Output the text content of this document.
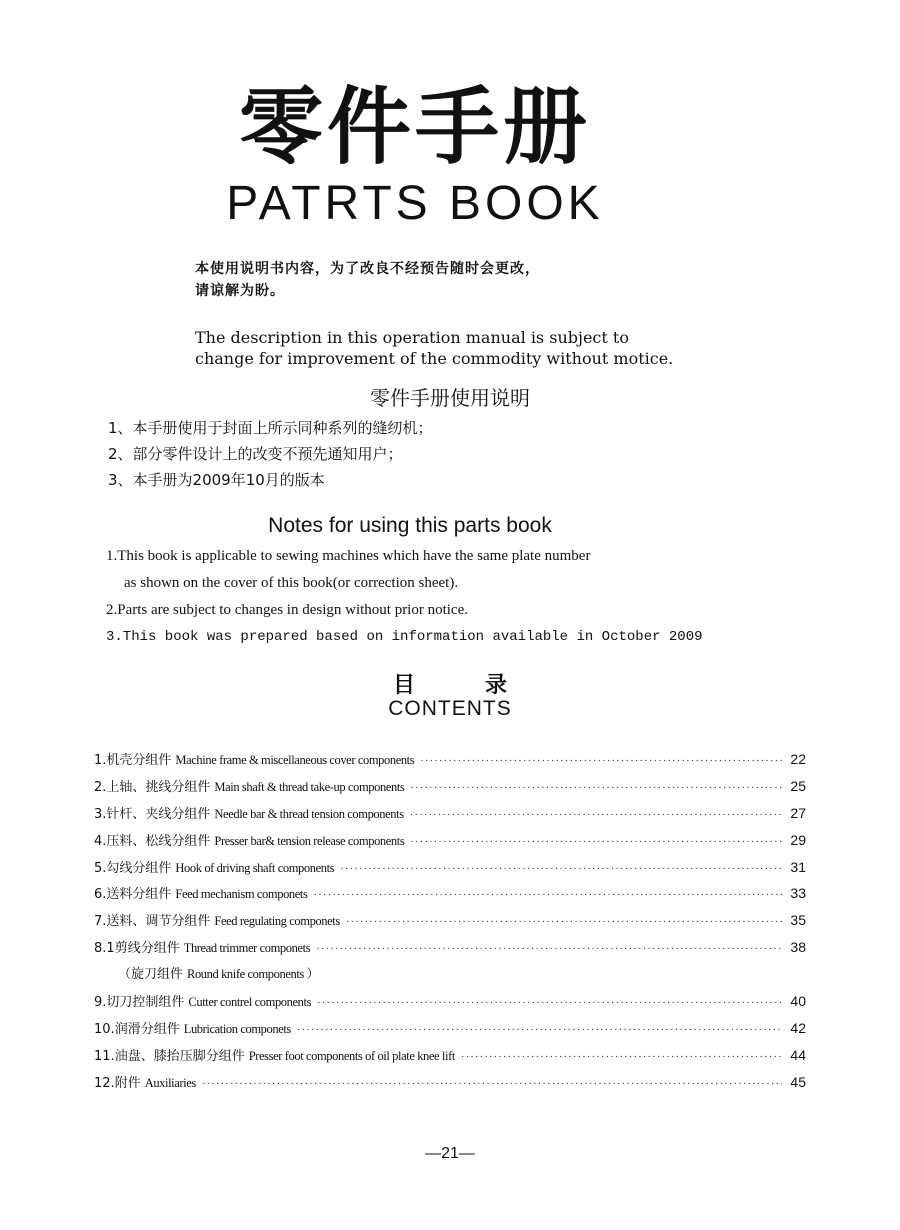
零件手册
PATRTS BOOK
本使用说明书内容，为了改良不经预告随时会更改，
请谅解为盼。
The description in this operation manual is subject to
change for improvement of the commodity without motice.
零件手册使用说明
1、本手册使用于封面上所示同种系列的缝纫机；
2、部分零件设计上的改变不预先通知用户；
3、本手册为2009年10月的版本
Notes for using this parts book
1.This book is applicable to sewing machines which have the same plate number
as shown on the cover of this book(or correction sheet).
2.Parts are subject to changes in design without prior notice.
3.This book was prepared based on information available in October 2009
目	录
CONTENTS
1. 机壳分组件 Machine frame & miscellaneous cover components ·····	22
2. 上轴、挑线分组件 Main shaft & thread take-up components ·····	25
3. 针杆、夹线分组件 Needle bar & thread tension components ·····	27
4. 压料、松线分组件 Presser bar& tension release components ·····	29
5. 勾线分组件 Hook of driving shaft components ·····	31
6. 送料分组件 Feed mechanism componets ·····	33
7. 送料、调节分组件 Feed regulating componets ·····	35
8.1 剪线分组件 Thread trimmer componets ·····	38
（旋刀组件 Round knife components ）
9. 切刀控制组件 Cutter contrel components ·····	40
10. 润滑分组件 Lubrication componets ·····	42
11. 油盘、膝抬压脚分组件 Presser foot components of oil plate knee lift ·····	44
12. 附件 Auxiliaries ·····	45
—21—
